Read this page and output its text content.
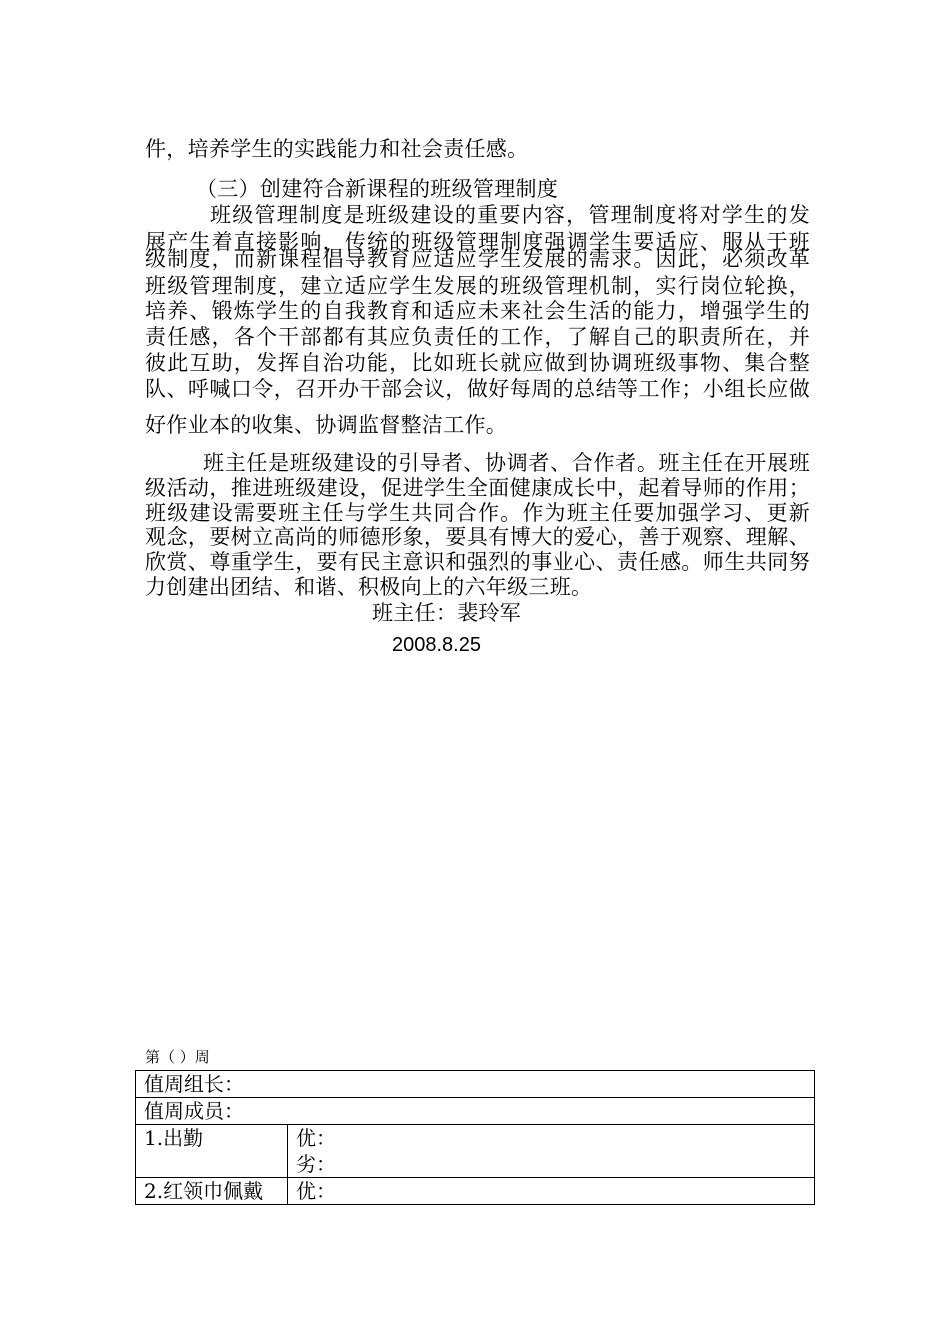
件，培养学生的实践能力和社会责任感。
（三）创建符合新课程的班级管理制度
班级管理制度是班级建设的重要内容，管理制度将对学生的发
展产生着直接影响，传统的班级管理制度强调学生要适应、服从于班
级制度，而新课程倡导教育应适应学生发展的需求。因此，必须改革
班级管理制度，建立适应学生发展的班级管理机制，实行岗位轮换，
培养、锻炼学生的自我教育和适应未来社会生活的能力，增强学生的
责任感，各个干部都有其应负责任的工作，了解自己的职责所在，并
彼此互助，发挥自治功能，比如班长就应做到协调班级事物、集合整
队、呼喊口令，召开办干部会议，做好每周的总结等工作；小组长应做
好作业本的收集、协调监督整洁工作。
班主任是班级建设的引导者、协调者、合作者。班主任在开展班
级活动，推进班级建设，促进学生全面健康成长中，起着导师的作用；
班级建设需要班主任与学生共同合作。作为班主任要加强学习、更新
观念，要树立高尚的师德形象，要具有博大的爱心，善于观察、理解、
欣赏、尊重学生，要有民主意识和强烈的事业心、责任感。师生共同努
力创建出团结、和谐、积极向上的六年级三班。
班主任：裴玲军
2008.8.25
第（ ）周
值周组长：	
值周成员：	
1.出勤	优：
劣：

2.红领巾佩戴	优：
